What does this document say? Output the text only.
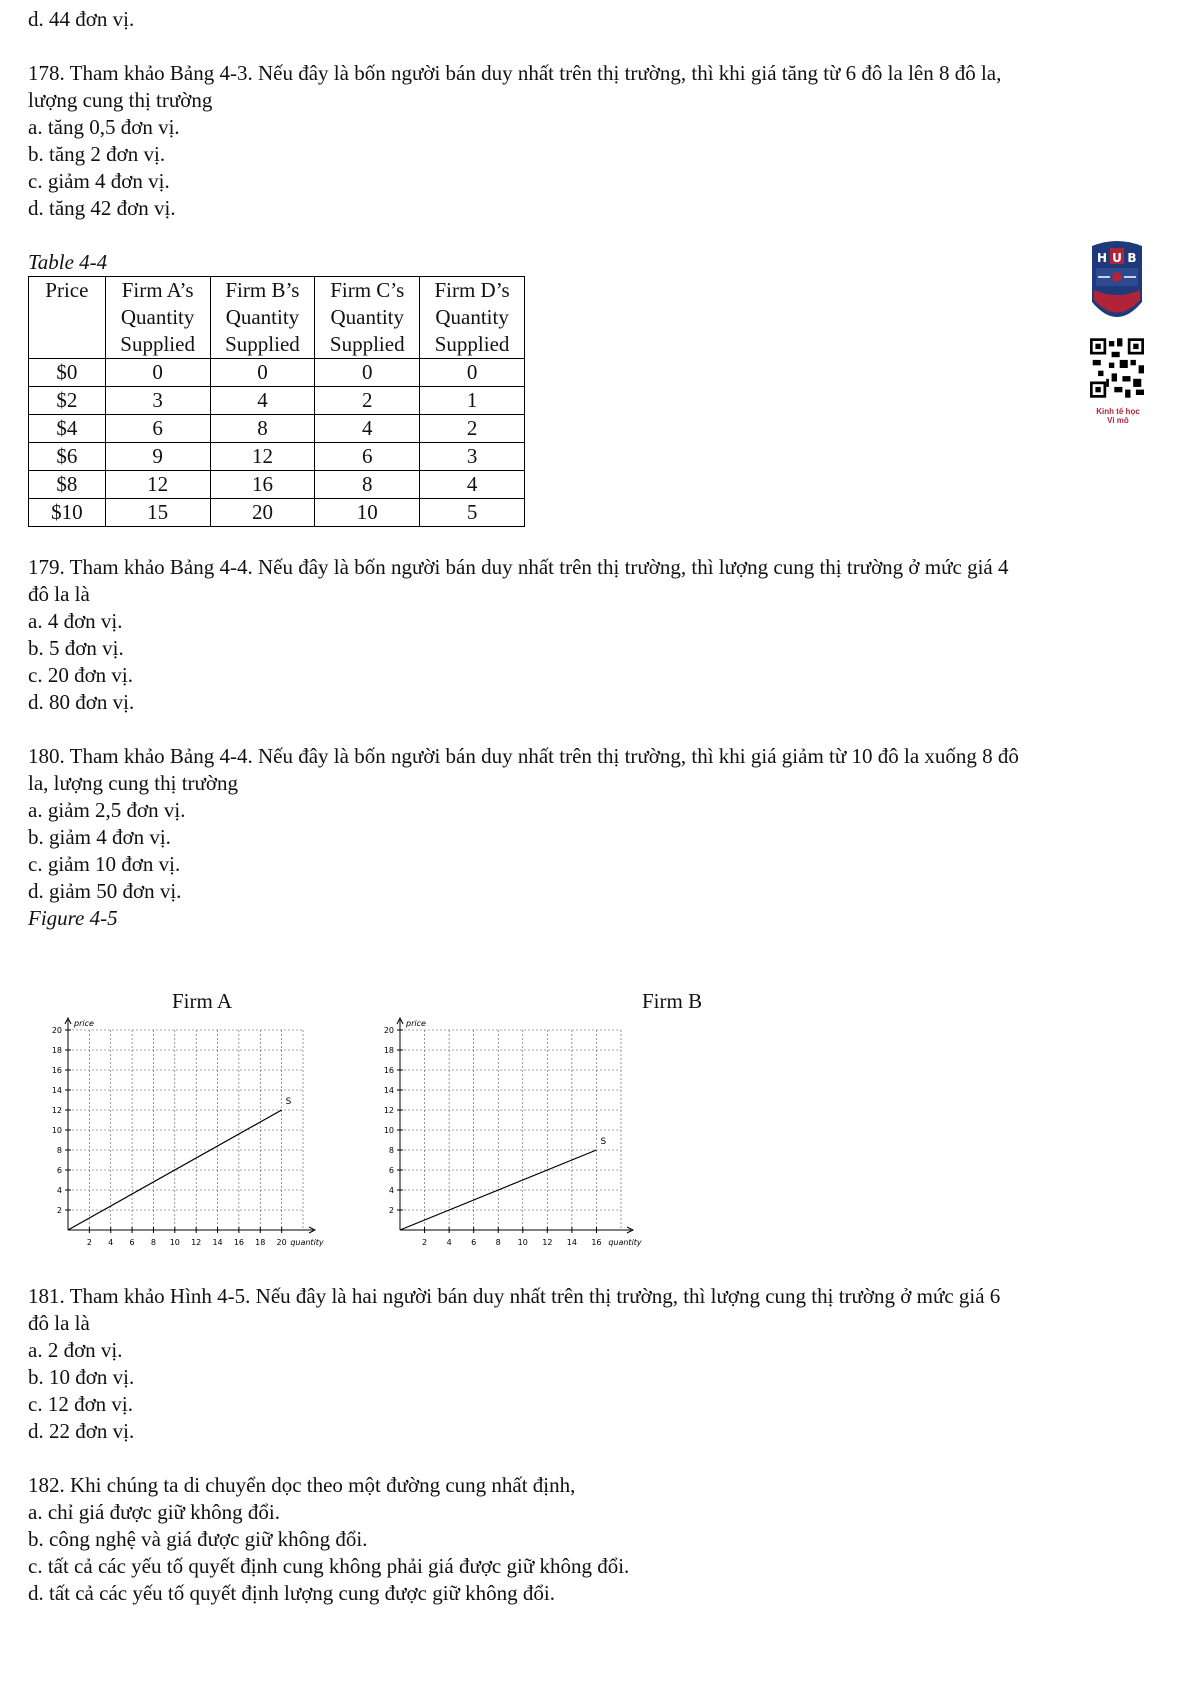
d. 44 đơn vị.
178. Tham khảo Bảng 4-3. Nếu đây là bốn người bán duy nhất trên thị trường, thì khi giá tăng từ 6 đô la lên 8 đô la,
lượng cung thị trường
a. tăng 0,5 đơn vị.
b. tăng 2 đơn vị.
c. giảm 4 đơn vị.
d. tăng 42 đơn vị.
Table 4-4
Price	Firm A’s Quantity Supplied	Firm B’s Quantity Supplied	Firm C’s Quantity Supplied	Firm D’s Quantity Supplied
$0	0	0	0	0
$2	3	4	2	1
$4	6	8	4	2
$6	9	12	6	3
$8	12	16	8	4
$10	15	20	10	5
179. Tham khảo Bảng 4-4. Nếu đây là bốn người bán duy nhất trên thị trường, thì lượng cung thị trường ở mức giá 4
đô la là
a. 4 đơn vị.
b. 5 đơn vị.
c. 20 đơn vị.
d. 80 đơn vị.
180. Tham khảo Bảng 4-4. Nếu đây là bốn người bán duy nhất trên thị trường, thì khi giá giảm từ 10 đô la xuống 8 đô
la, lượng cung thị trường
a. giảm 2,5 đơn vị.
b. giảm 4 đơn vị.
c. giảm 10 đơn vị.
d. giảm 50 đơn vị.
Figure 4-5
H U B
Kinh tế học
Vi mô
Firm A	Firm B
2 4 6 8 10 12 14 16 18 20
2
4
6
8
10
12
14
16
18
20
quantity
price
S
2 4 6 8 10 12 14 16
2
4
6
8
10
12
14
16
18
20
quantity
price
S
181. Tham khảo Hình 4-5. Nếu đây là hai người bán duy nhất trên thị trường, thì lượng cung thị trường ở mức giá 6
đô la là
a. 2 đơn vị.
b. 10 đơn vị.
c. 12 đơn vị.
d. 22 đơn vị.
182. Khi chúng ta di chuyển dọc theo một đường cung nhất định,
a. chỉ giá được giữ không đổi.
b. công nghệ và giá được giữ không đổi.
c. tất cả các yếu tố quyết định cung không phải giá được giữ không đổi.
d. tất cả các yếu tố quyết định lượng cung được giữ không đổi.
